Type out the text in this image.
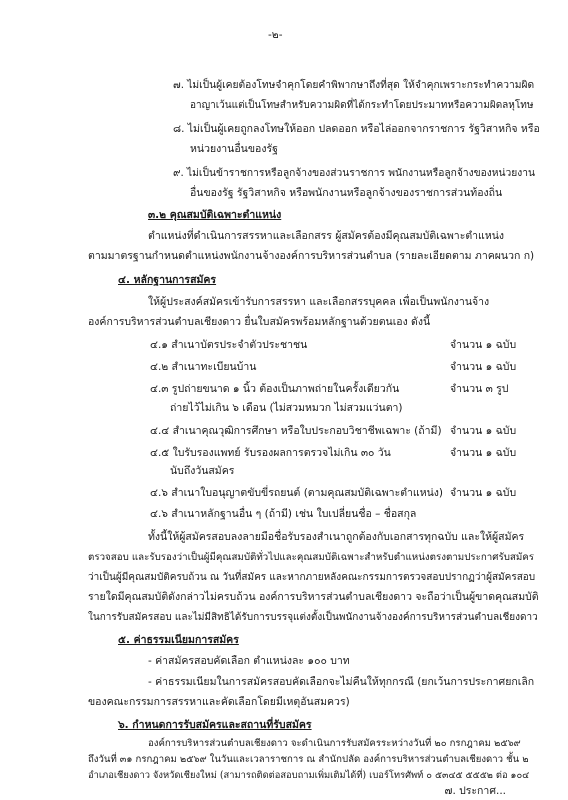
-๒-
๗. ไม่เป็นผู้เคยต้องโทษจำคุกโดยคำพิพากษาถึงที่สุด ให้จำคุกเพราะกระทำความผิด
อาญาเว้นแต่เป็นโทษสำหรับความผิดที่ได้กระทำโดยประมาทหรือความผิดลหุโทษ
๘. ไม่เป็นผู้เคยถูกลงโทษให้ออก ปลดออก หรือไล่ออกจากราชการ รัฐวิสาหกิจ หรือ
หน่วยงานอื่นของรัฐ
๙. ไม่เป็นข้าราชการหรือลูกจ้างของส่วนราชการ พนักงานหรือลูกจ้างของหน่วยงาน
อื่นของรัฐ รัฐวิสาหกิจ หรือพนักงานหรือลูกจ้างของราชการส่วนท้องถิ่น
๓.๒ คุณสมบัติเฉพาะตำแหน่ง
ตำแหน่งที่ดำเนินการสรรหาและเลือกสรร ผู้สมัครต้องมีคุณสมบัติเฉพาะตำแหน่ง
ตามมาตรฐานกำหนดตำแหน่งพนักงานจ้างองค์การบริหารส่วนตำบล (รายละเอียดตาม ภาคผนวก ก)
๔. หลักฐานการสมัคร
ให้ผู้ประสงค์สมัครเข้ารับการสรรหา และเลือกสรรบุคคล เพื่อเป็นพนักงานจ้าง
องค์การบริหารส่วนตำบลเชียงดาว ยื่นใบสมัครพร้อมหลักฐานด้วยตนเอง ดังนี้
๔.๑ สำเนาบัตรประจำตัวประชาชน	จำนวน ๑ ฉบับ
๔.๒ สำเนาทะเบียนบ้าน	จำนวน ๑ ฉบับ
๔.๓ รูปถ่ายขนาด ๑ นิ้ว ต้องเป็นภาพถ่ายในครั้งเดียวกัน	จำนวน ๓ รูป
ถ่ายไว้ไม่เกิน ๖ เดือน (ไม่สวมหมวก ไม่สวมแว่นตา)
๔.๔ สำเนาคุณวุฒิการศึกษา หรือใบประกอบวิชาชีพเฉพาะ (ถ้ามี) จำนวน ๑ ฉบับ
๔.๕ ใบรับรองแพทย์ รับรองผลการตรวจไม่เกิน ๓๐ วัน	จำนวน ๑ ฉบับ
นับถึงวันสมัคร
๔.๖ สำเนาใบอนุญาตขับขี่รถยนต์ (ตามคุณสมบัติเฉพาะตำแหน่ง) จำนวน ๑ ฉบับ
๔.๖ สำเนาหลักฐานอื่น ๆ (ถ้ามี) เช่น ใบเปลี่ยนชื่อ – ชื่อสกุล
ทั้งนี้ให้ผู้สมัครสอบลงลายมือชื่อรับรองสำเนาถูกต้องกับเอกสารทุกฉบับ และให้ผู้สมัคร
ตรวจสอบ และรับรองว่าเป็นผู้มีคุณสมบัติทั่วไปและคุณสมบัติเฉพาะสำหรับตำแหน่งตรงตามประกาศรับสมัคร
ว่าเป็นผู้มีคุณสมบัติครบถ้วน ณ วันที่สมัคร และหากภายหลังคณะกรรมการตรวจสอบปรากฏว่าผู้สมัครสอบ
รายใดมีคุณสมบัติดังกล่าวไม่ครบถ้วน องค์การบริหารส่วนตำบลเชียงดาว จะถือว่าเป็นผู้ขาดคุณสมบัติ
ในการรับสมัครสอบ และไม่มีสิทธิได้รับการบรรจุแต่งตั้งเป็นพนักงานจ้างองค์การบริหารส่วนตำบลเชียงดาว
๕. ค่าธรรมเนียมการสมัคร
- ค่าสมัครสอบคัดเลือก ตำแหน่งละ ๑๐๐ บาท
- ค่าธรรมเนียมในการสมัครสอบคัดเลือกจะไม่คืนให้ทุกกรณี (ยกเว้นการประกาศยกเลิก
ของคณะกรรมการสรรหาและคัดเลือกโดยมีเหตุอันสมควร)
๖. กำหนดการรับสมัครและสถานที่รับสมัคร
องค์การบริหารส่วนตำบลเชียงดาว จะดำเนินการรับสมัครระหว่างวันที่ ๒๐ กรกฎาคม ๒๕๖๙
ถึงวันที่ ๓๑ กรกฎาคม ๒๕๖๙ ในวันและเวลาราชการ ณ สำนักปลัด องค์การบริหารส่วนตำบลเชียงดาว ชั้น ๒
อำเภอเชียงดาว จังหวัดเชียงใหม่ (สามารถติดต่อสอบถามเพิ่มเติมได้ที่) เบอร์โทรศัพท์ ๐ ๕๓๔๕ ๕๕๕๒ ต่อ ๑๐๔
๗. ประกาศ...
